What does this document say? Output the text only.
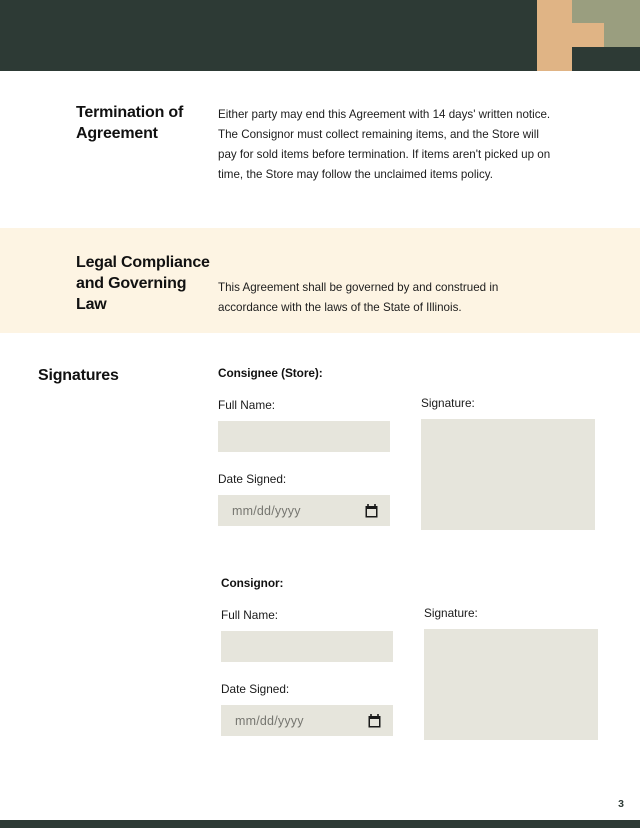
Termination of Agreement
Either party may end this Agreement with 14 days' written notice. The Consignor must collect remaining items, and the Store will pay for sold items before termination. If items aren't picked up on time, the Store may follow the unclaimed items policy.
Legal Compliance and Governing Law
This Agreement shall be governed by and construed in accordance with the laws of the State of Illinois.
Signatures	Consignee (Store):
Full Name:
Date Signed:
mm/dd/yyyy
Signature:
Consignor:
Full Name:
Date Signed:
mm/dd/yyyy
Signature:
3
